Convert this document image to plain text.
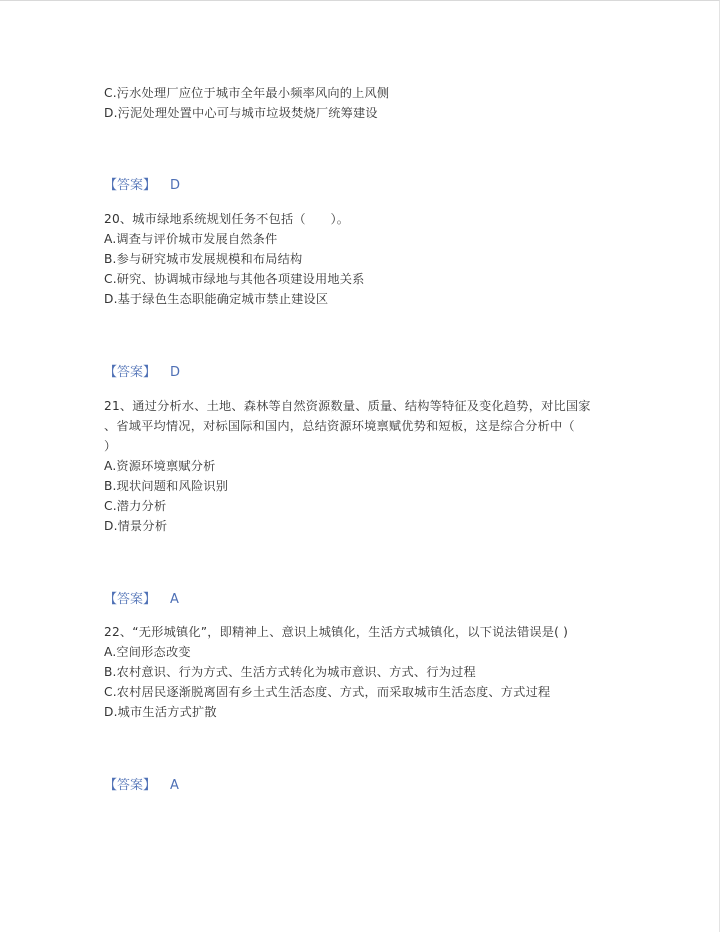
C.污水处理厂应位于城市全年最小频率风向的上风侧
D.污泥处理处置中心可与城市垃圾焚烧厂统筹建设
【答案】 D
20、城市绿地系统规划任务不包括（　　）。
A.调查与评价城市发展自然条件
B.参与研究城市发展规模和布局结构
C.研究、协调城市绿地与其他各项建设用地关系
D.基于绿色生态职能确定城市禁止建设区
【答案】 D
21、通过分析水、土地、森林等自然资源数量、质量、结构等特征及变化趋势，对比国家
、省域平均情况，对标国际和国内，总结资源环境禀赋优势和短板，这是综合分析中（
）
A.资源环境禀赋分析
B.现状问题和风险识别
C.潜力分析
D.情景分析
【答案】 A
22、“无形城镇化”，即精神上、意识上城镇化，生活方式城镇化，以下说法错误是( )
A.空间形态改变
B.农村意识、行为方式、生活方式转化为城市意识、方式、行为过程
C.农村居民逐渐脱离固有乡土式生活态度、方式，而采取城市生活态度、方式过程
D.城市生活方式扩散
【答案】 A
